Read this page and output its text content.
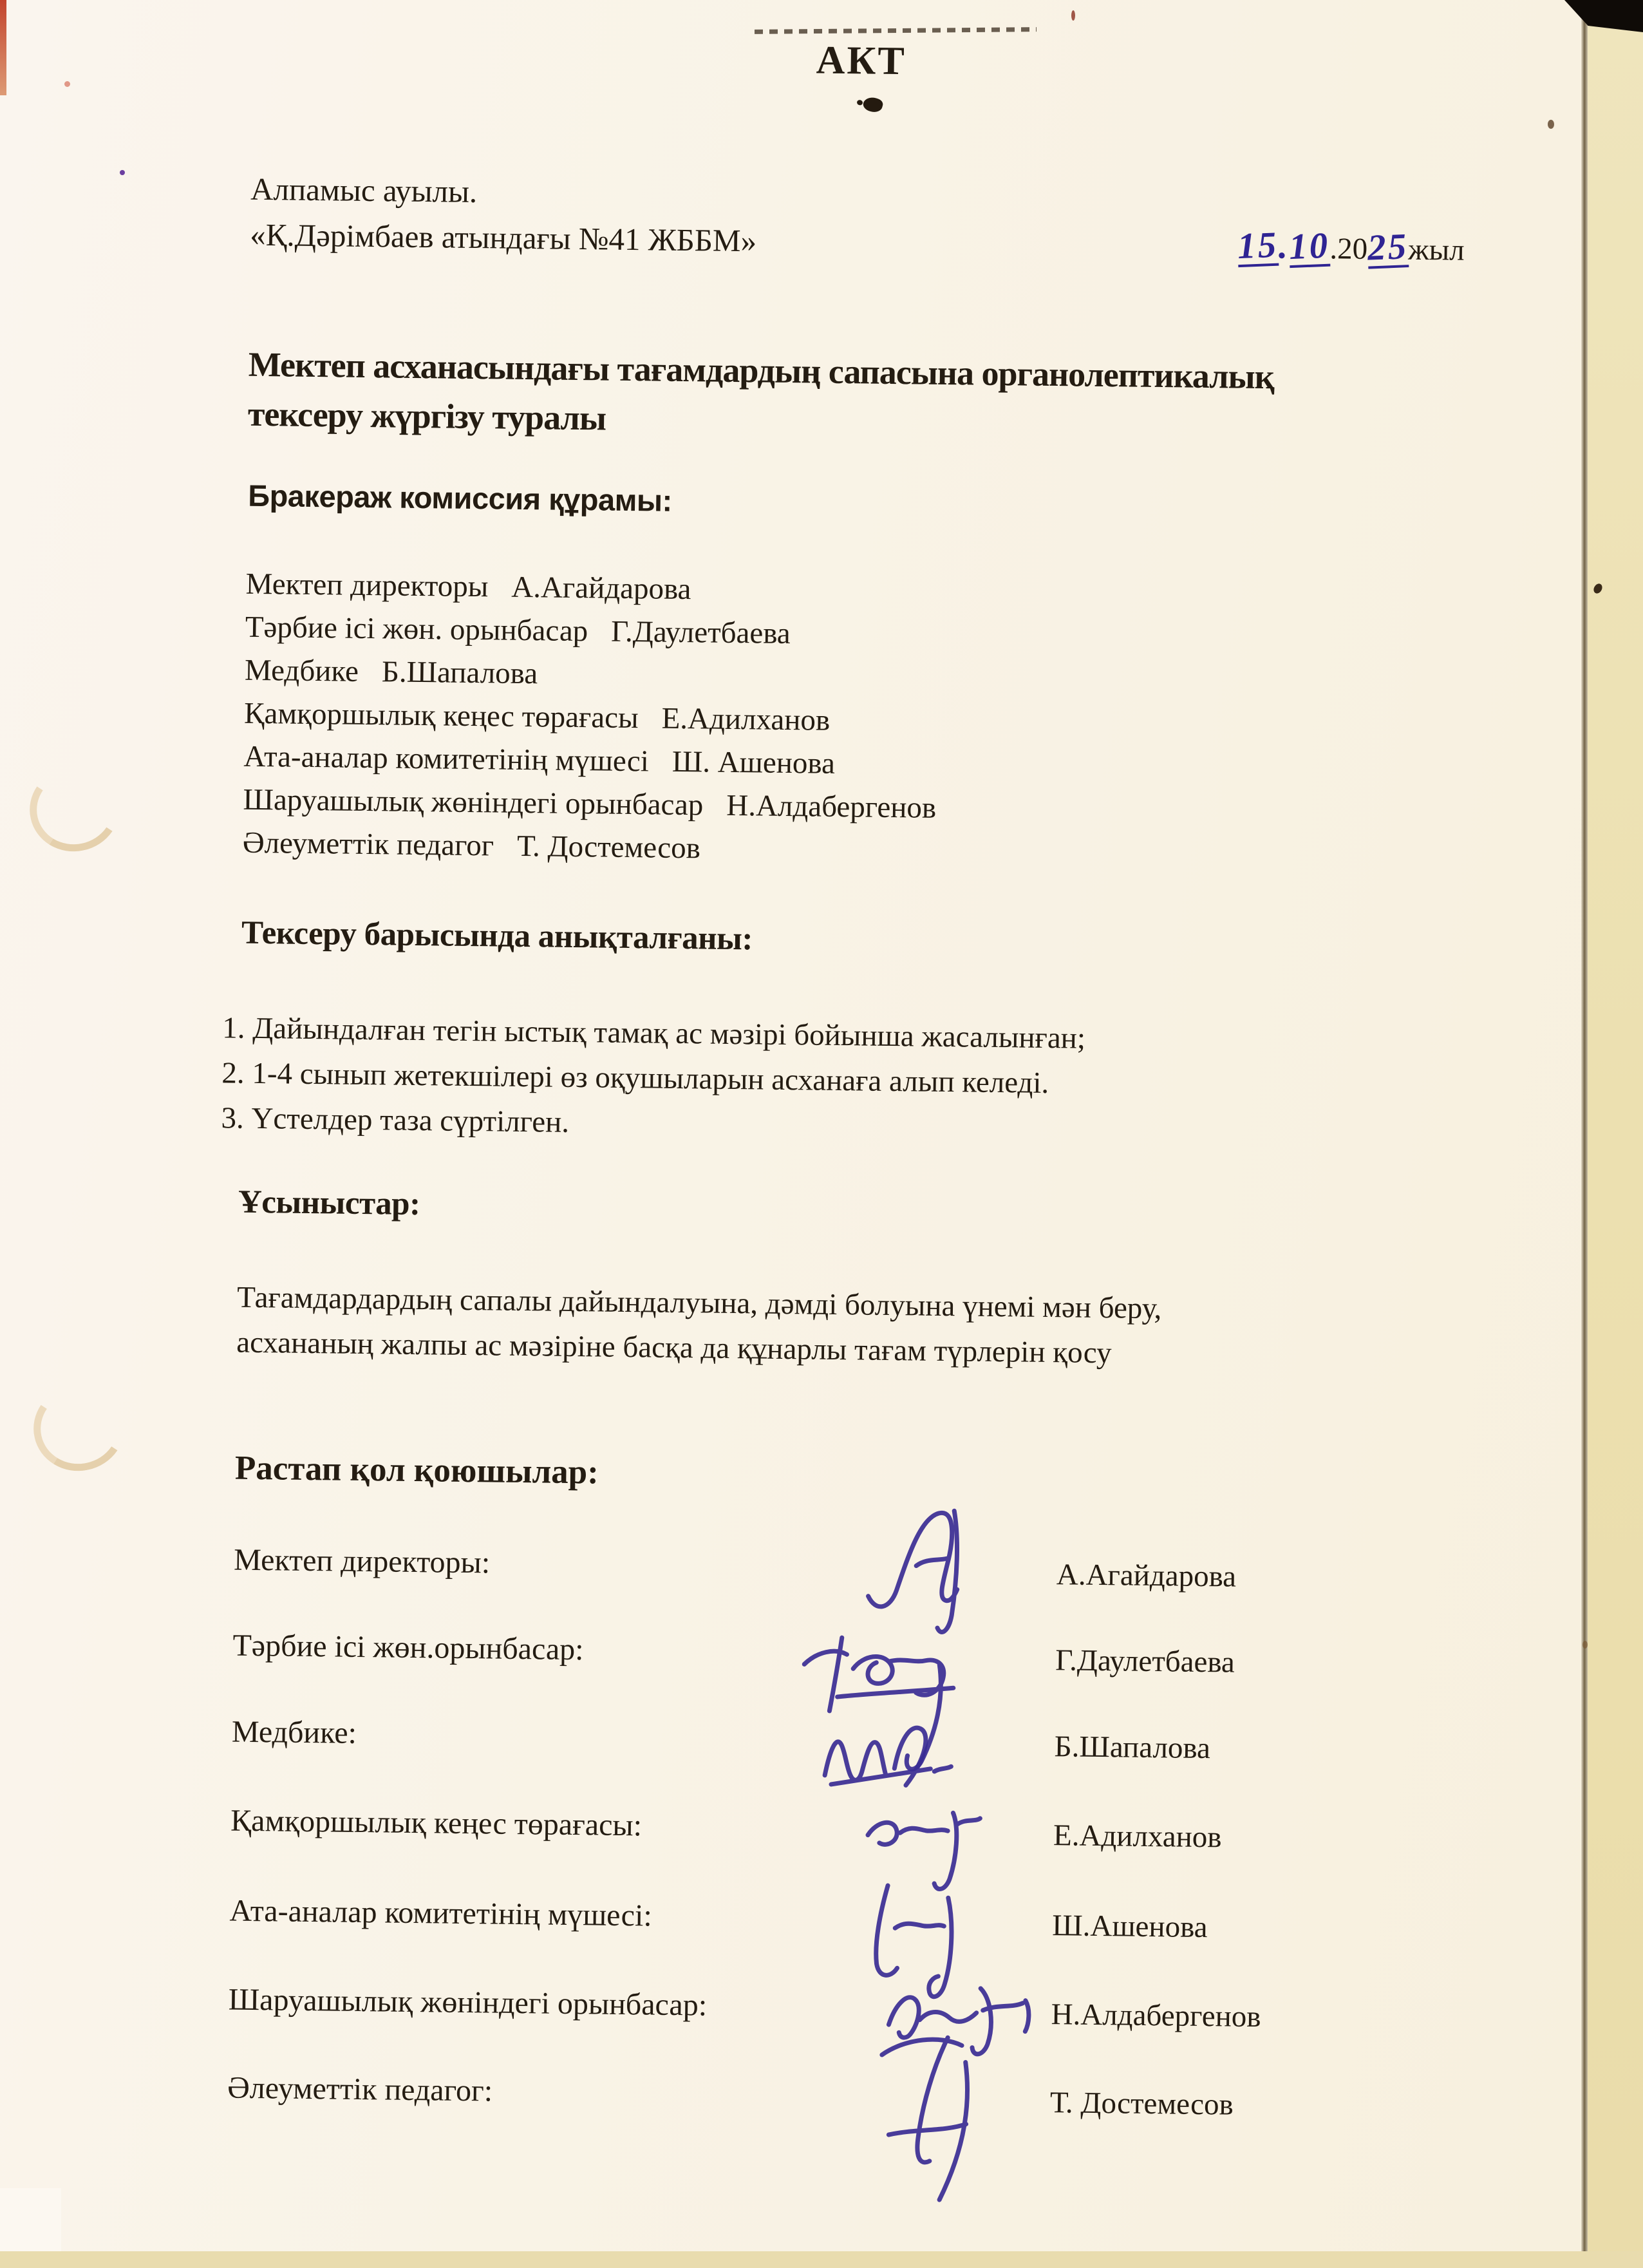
АКТ
Алпамыс ауылы.
«Қ.Дәрімбаев атындағы №41 ЖББМ»	15.10.2025жыл
Мектеп асханасындағы тағамдардың сапасына органолептикалық
тексеру жүргізу туралы
Бракераж комиссия құрамы:
Мектеп директоры А.Агайдарова
Тәрбие ісі жөн. орынбасар Г.Даулетбаева
Медбике Б.Шапалова
Қамқоршылық кеңес төрағасы Е.Адилханов
Ата-аналар комитетінің мүшесі Ш. Ашенова
Шаруашылық жөніндегі орынбасар Н.Алдабергенов
Әлеуметтік педагог Т. Достемесов
Тексеру барысында анықталғаны:
1. Дайындалған тегін ыстық тамақ ас мәзірі бойынша жасалынған;
2. 1-4 сынып жетекшілері өз оқушыларын асханаға алып келеді.
3. Үстелдер таза сүртілген.
Ұсыныстар:
Тағамдардардың сапалы дайындалуына, дәмді болуына үнемі мән беру,
асхананың жалпы ас мәзіріне басқа да құнарлы тағам түрлерін қосу
Растап қол қоюшылар:
Мектеп директоры:	А.Агайдарова
Тәрбие ісі жөн.орынбасар:	Г.Даулетбаева
Медбике:	Б.Шапалова
Қамқоршылық кеңес төрағасы:	Е.Адилханов
Ата-аналар комитетінің мүшесі:	Ш.Ашенова
Шаруашылық жөніндегі орынбасар:	Н.Алдабергенов
Әлеуметтік педагог:	Т. Достемесов
